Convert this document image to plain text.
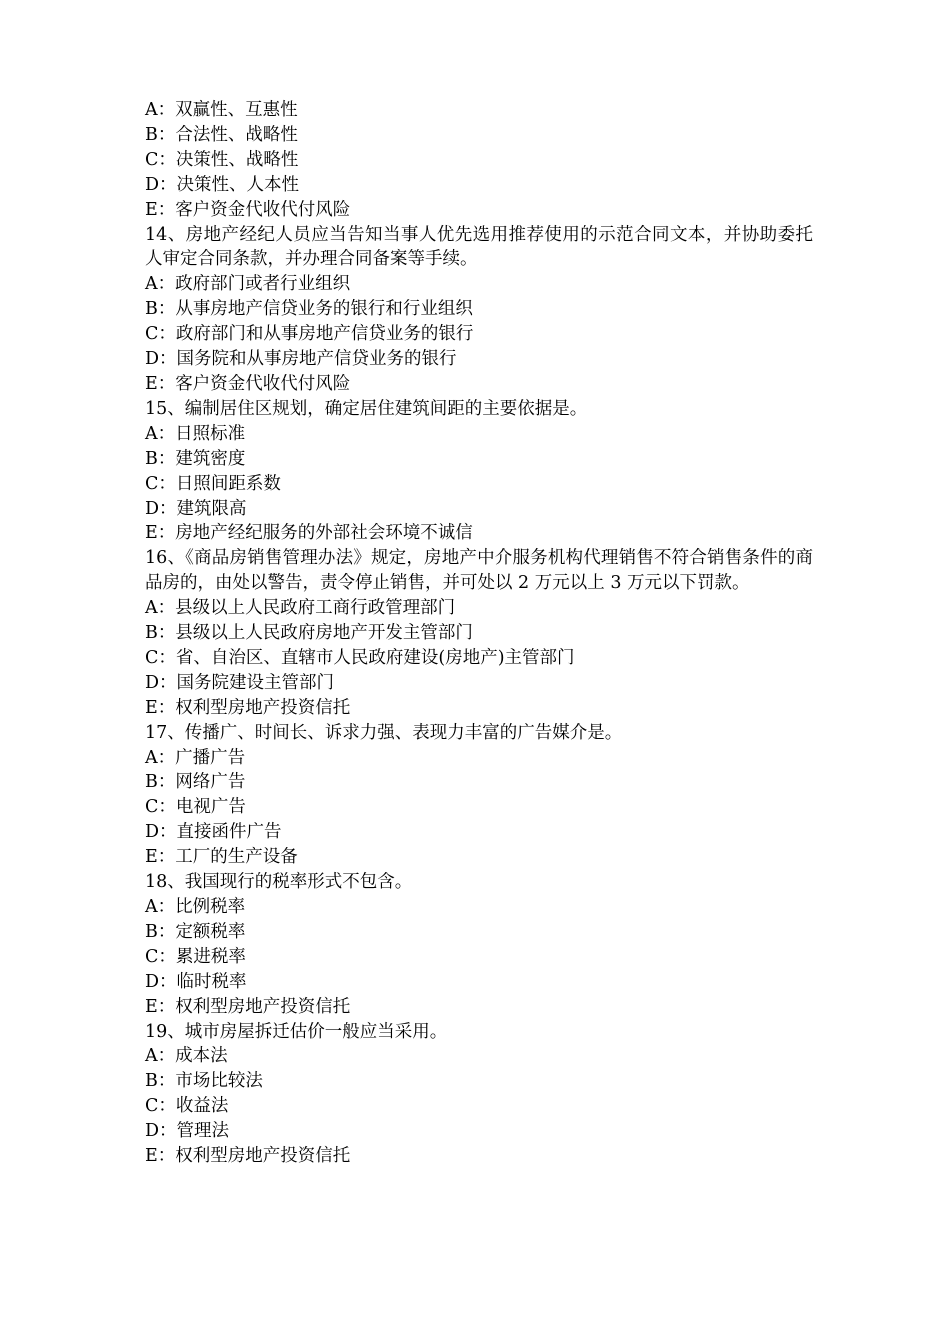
A：双赢性、互惠性

B：合法性、战略性

C：决策性、战略性

D：决策性、人本性

E：客户资金代收代付风险

14、房地产经纪人员应当告知当事人优先选用推荐使用的示范合同文本，并协助委托人审定合同条款，并办理合同备案等手续。

A：政府部门或者行业组织

B：从事房地产信贷业务的银行和行业组织

C：政府部门和从事房地产信贷业务的银行

D：国务院和从事房地产信贷业务的银行

E：客户资金代收代付风险

15、编制居住区规划，确定居住建筑间距的主要依据是。

A：日照标准

B：建筑密度

C：日照间距系数

D：建筑限高

E：房地产经纪服务的外部社会环境不诚信

16、《商品房销售管理办法》规定，房地产中介服务机构代理销售不符合销售条件的商品房的，由处以警告，责令停止销售，并可处以 2 万元以上 3 万元以下罚款。

A：县级以上人民政府工商行政管理部门

B：县级以上人民政府房地产开发主管部门

C：省、自治区、直辖市人民政府建设(房地产)主管部门

D：国务院建设主管部门

E：权利型房地产投资信托

17、传播广、时间长、诉求力强、表现力丰富的广告媒介是。

A：广播广告

B：网络广告

C：电视广告

D：直接函件广告

E：工厂的生产设备

18、我国现行的税率形式不包含。

A：比例税率

B：定额税率

C：累进税率

D：临时税率

E：权利型房地产投资信托

19、城市房屋拆迁估价一般应当采用。

A：成本法

B：市场比较法

C：收益法

D：管理法

E：权利型房地产投资信托
